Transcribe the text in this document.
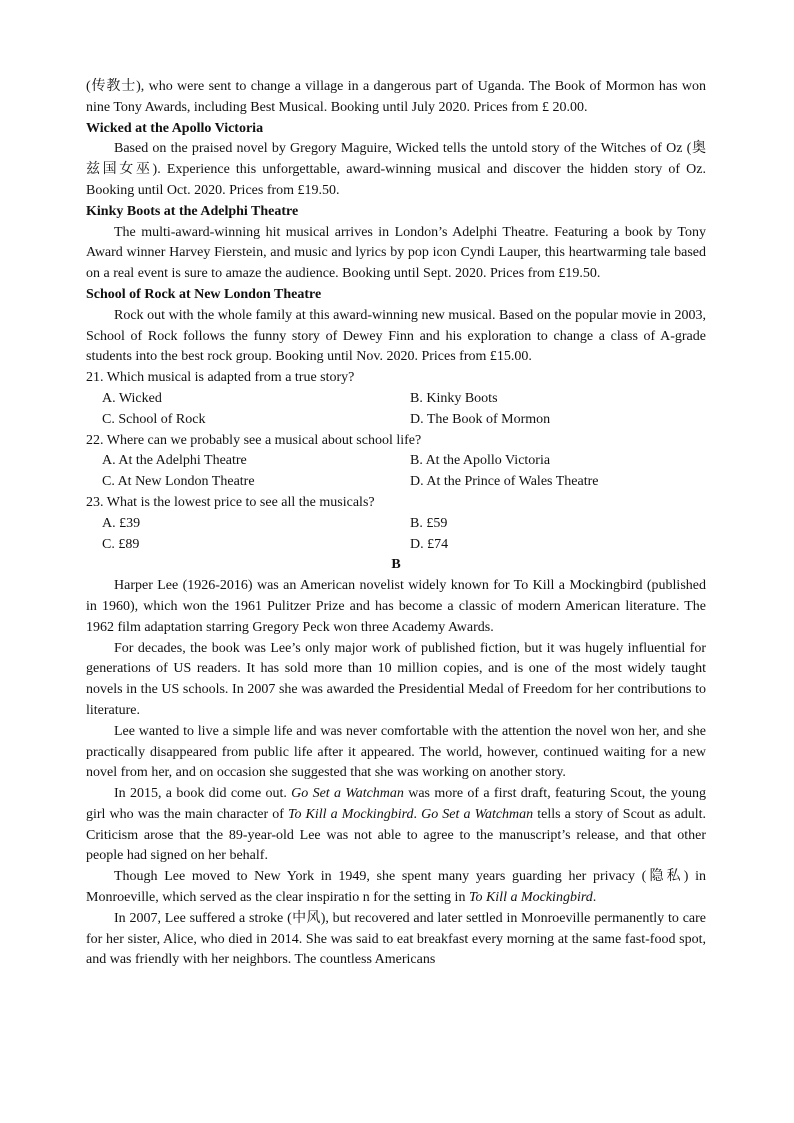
(传教士), who were sent to change a village in a dangerous part of Uganda. The Book of Mormon has won nine Tony Awards, including Best Musical. Booking until July 2020. Prices from £ 20.00.

Wicked at the Apollo Victoria

Based on the praised novel by Gregory Maguire, Wicked tells the untold story of the Witches of Oz (奥兹国女巫). Experience this unforgettable, award-winning musical and discover the hidden story of Oz. Booking until Oct. 2020. Prices from £19.50.

Kinky Boots at the Adelphi Theatre

The multi-award-winning hit musical arrives in London’s Adelphi Theatre. Featuring a book by Tony Award winner Harvey Fierstein, and music and lyrics by pop icon Cyndi Lauper, this heartwarming tale based on a real event is sure to amaze the audience. Booking until Sept. 2020. Prices from £19.50.

School of Rock at New London Theatre

Rock out with the whole family at this award-winning new musical. Based on the popular movie in 2003, School of Rock follows the funny story of Dewey Finn and his exploration to change a class of A-grade students into the best rock group. Booking until Nov. 2020. Prices from £15.00.

21. Which musical is adapted from a true story?

A. Wicked	B. Kinky Boots
C. School of Rock	D. The Book of Mormon

22. Where can we probably see a musical about school life?

A. At the Adelphi Theatre	B. At the Apollo Victoria
C. At New London Theatre	D. At the Prince of Wales Theatre

23. What is the lowest price to see all the musicals?

A. £39	B. £59
C. £89	D. £74

B

Harper Lee (1926-2016) was an American novelist widely known for To Kill a Mockingbird (published in 1960), which won the 1961 Pulitzer Prize and has become a classic of modern American literature. The 1962 film adaptation starring Gregory Peck won three Academy Awards.

For decades, the book was Lee’s only major work of published fiction, but it was hugely influential for generations of US readers. It has sold more than 10 million copies, and is one of the most widely taught novels in the US schools. In 2007 she was awarded the Presidential Medal of Freedom for her contributions to literature.

Lee wanted to live a simple life and was never comfortable with the attention the novel won her, and she practically disappeared from public life after it appeared. The world, however, continued waiting for a new novel from her, and on occasion she suggested that she was working on another story.

In 2015, a book did come out. Go Set a Watchman was more of a first draft, featuring Scout, the young girl who was the main character of To Kill a Mockingbird. Go Set a Watchman tells a story of Scout as adult. Criticism arose that the 89-year-old Lee was not able to agree to the manuscript’s release, and that other people had signed on her behalf.

Though Lee moved to New York in 1949, she spent many years guarding her privacy (隐私) in Monroeville, which served as the clear inspiratio n for the setting in To Kill a Mockingbird.

In 2007, Lee suffered a stroke (中风), but recovered and later settled in Monroeville permanently to care for her sister, Alice, who died in 2014. She was said to eat breakfast every morning at the same fast-food spot, and was friendly with her neighbors. The countless Americans
